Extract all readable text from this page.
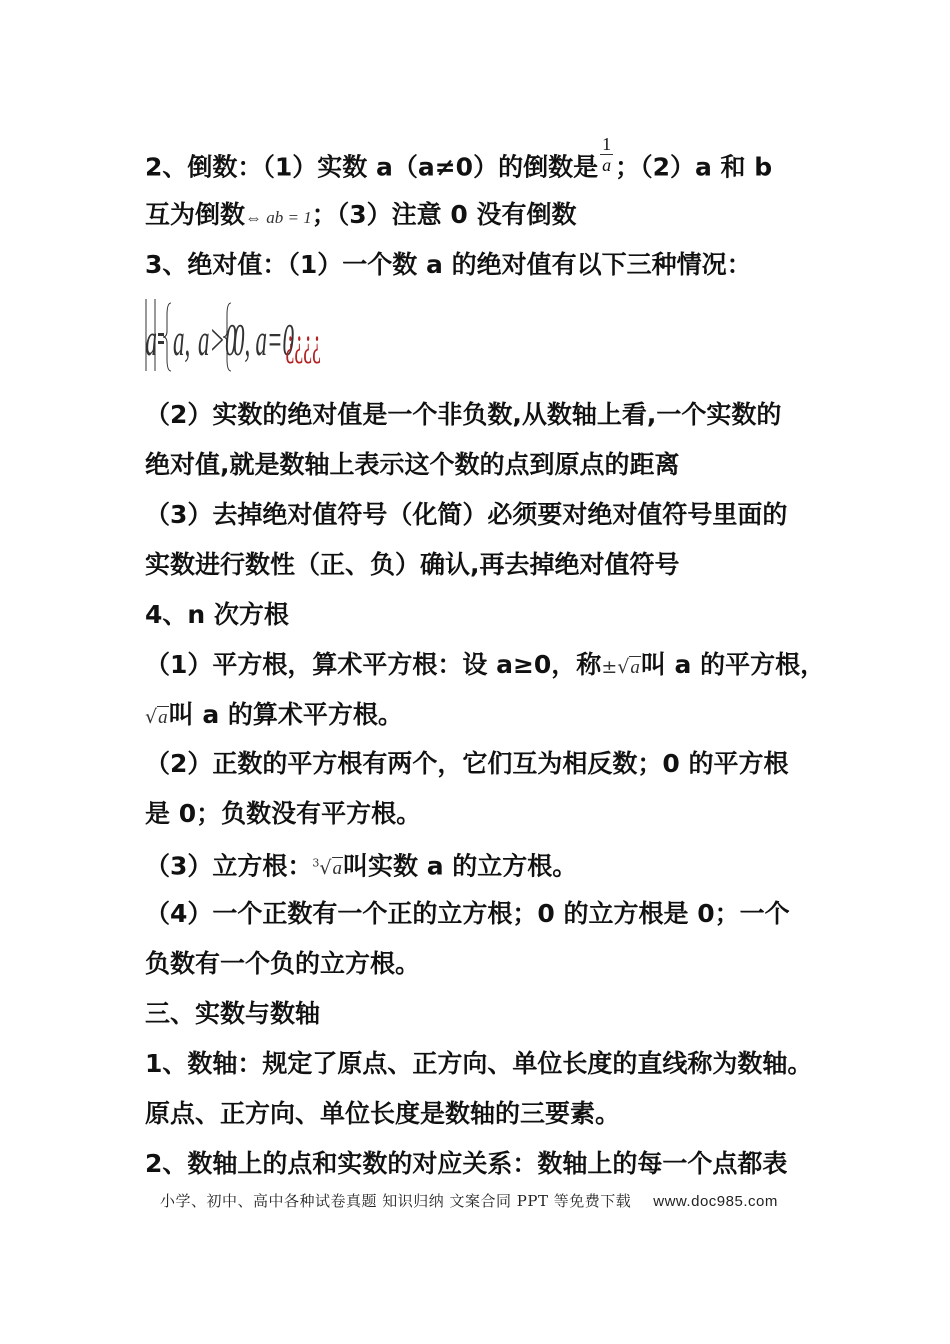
2、倒数：（1）实数 a（a≠0）的倒数是 $\frac{1}{a}$ ；（2）a 和 b
互为倒数⇔ ab = 1；（3）注意 0 没有倒数
3、绝对值：（1）一个数 a 的绝对值有以下三种情况：
a a, a>0
0, a=0
¿¿¿¿
（2）实数的绝对值是一个非负数,从数轴上看,一个实数的
绝对值,就是数轴上表示这个数的点到原点的距离
（3）去掉绝对值符号（化简）必须要对绝对值符号里面的
实数进行数性（正、负）确认,再去掉绝对值符号
4、n 次方根
（1）平方根，算术平方根：设 a≥0，称±√a叫 a 的平方根，
√a叫 a 的算术平方根。
（2）正数的平方根有两个，它们互为相反数；0 的平方根
是 0；负数没有平方根。
（3）立方根：$^3$√a叫实数 a 的立方根。
（4）一个正数有一个正的立方根；0 的立方根是 0；一个
负数有一个负的立方根。
三、实数与数轴
1、数轴：规定了原点、正方向、单位长度的直线称为数轴。
原点、正方向、单位长度是数轴的三要素。
2、数轴上的点和实数的对应关系：数轴上的每一个点都表
小学、初中、高中各种试卷真题 知识归纳 文案合同 PPT 等免费下载 www.doc985.com
